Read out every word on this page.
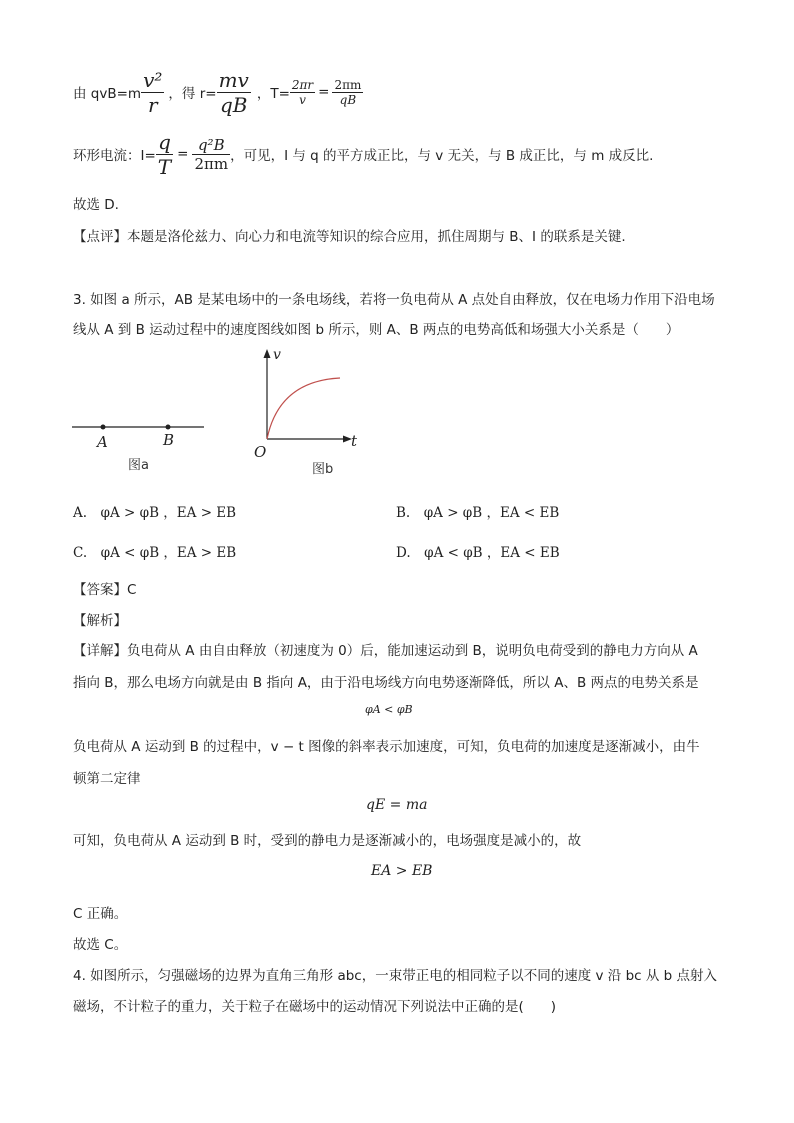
由 $qvB=m \frac{\text{v²}}{r}$ ，得 $r= \frac{mv}{qB}$ ，$T= \frac{2\pi r}{v} = \frac{2\pi m}{qB}$
环形电流：$I= \frac{q}{T} = \frac{\text{q²B}}{2\pi m}$ ，可见，I 与 q 的平方成正比，与 v 无关，与 B 成正比，与 m 成反比.
故选 D.
【点评】本题是洛伦兹力、向心力和电流等知识的综合应用，抓住周期与 B、I 的联系是关键.
3. 如图 a 所示，AB 是某电场中的一条电场线，若将一负电荷从 A 点处自由释放，仅在电场力作用下沿电场
线从 A 到 B 运动过程中的速度图线如图 b 所示，则 A、B 两点的电势高低和场强大小关系是（　　）
A	B
图a
v
t
O
图b
A.　φA > φB ，EA > EB	B.　φA > φB ，EA < EB
C.　φA < φB ，EA > EB	D.　φA < φB ，EA < EB
【答案】C
【解析】
【详解】负电荷从 A 由自由释放（初速度为 0）后，能加速运动到 B，说明负电荷受到的静电力方向从 A
指向 B，那么电场方向就是由 B 指向 A，由于沿电场线方向电势逐渐降低，所以 A、B 两点的电势关系是
φA < φB
负电荷从 A 运动到 B 的过程中，v − t 图像的斜率表示加速度，可知，负电荷的加速度是逐渐减小，由牛
顿第二定律
qE = ma
可知，负电荷从 A 运动到 B 时，受到的静电力是逐渐减小的，电场强度是减小的，故
EA > EB
C 正确。
故选 C。
4. 如图所示，匀强磁场的边界为直角三角形 abc，一束带正电的相同粒子以不同的速度 v 沿 bc 从 b 点射入
磁场，不计粒子的重力，关于粒子在磁场中的运动情况下列说法中正确的是(　　)
